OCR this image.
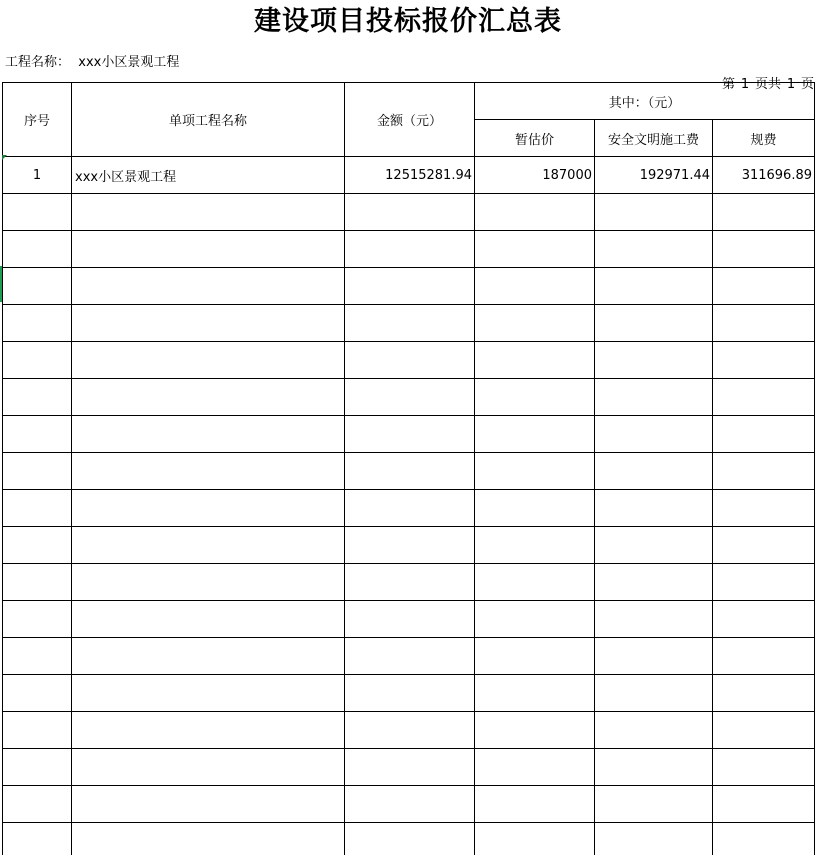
建设项目投标报价汇总表
工程名称： xxx小区景观工程

第 1 页共 1 页

序号	单项工程名称	金额（元）	其中：（元）		
			暂估价	安全文明施工费	规费
1	xxx小区景观工程	12515281.94	187000	192971.44	311696.89
